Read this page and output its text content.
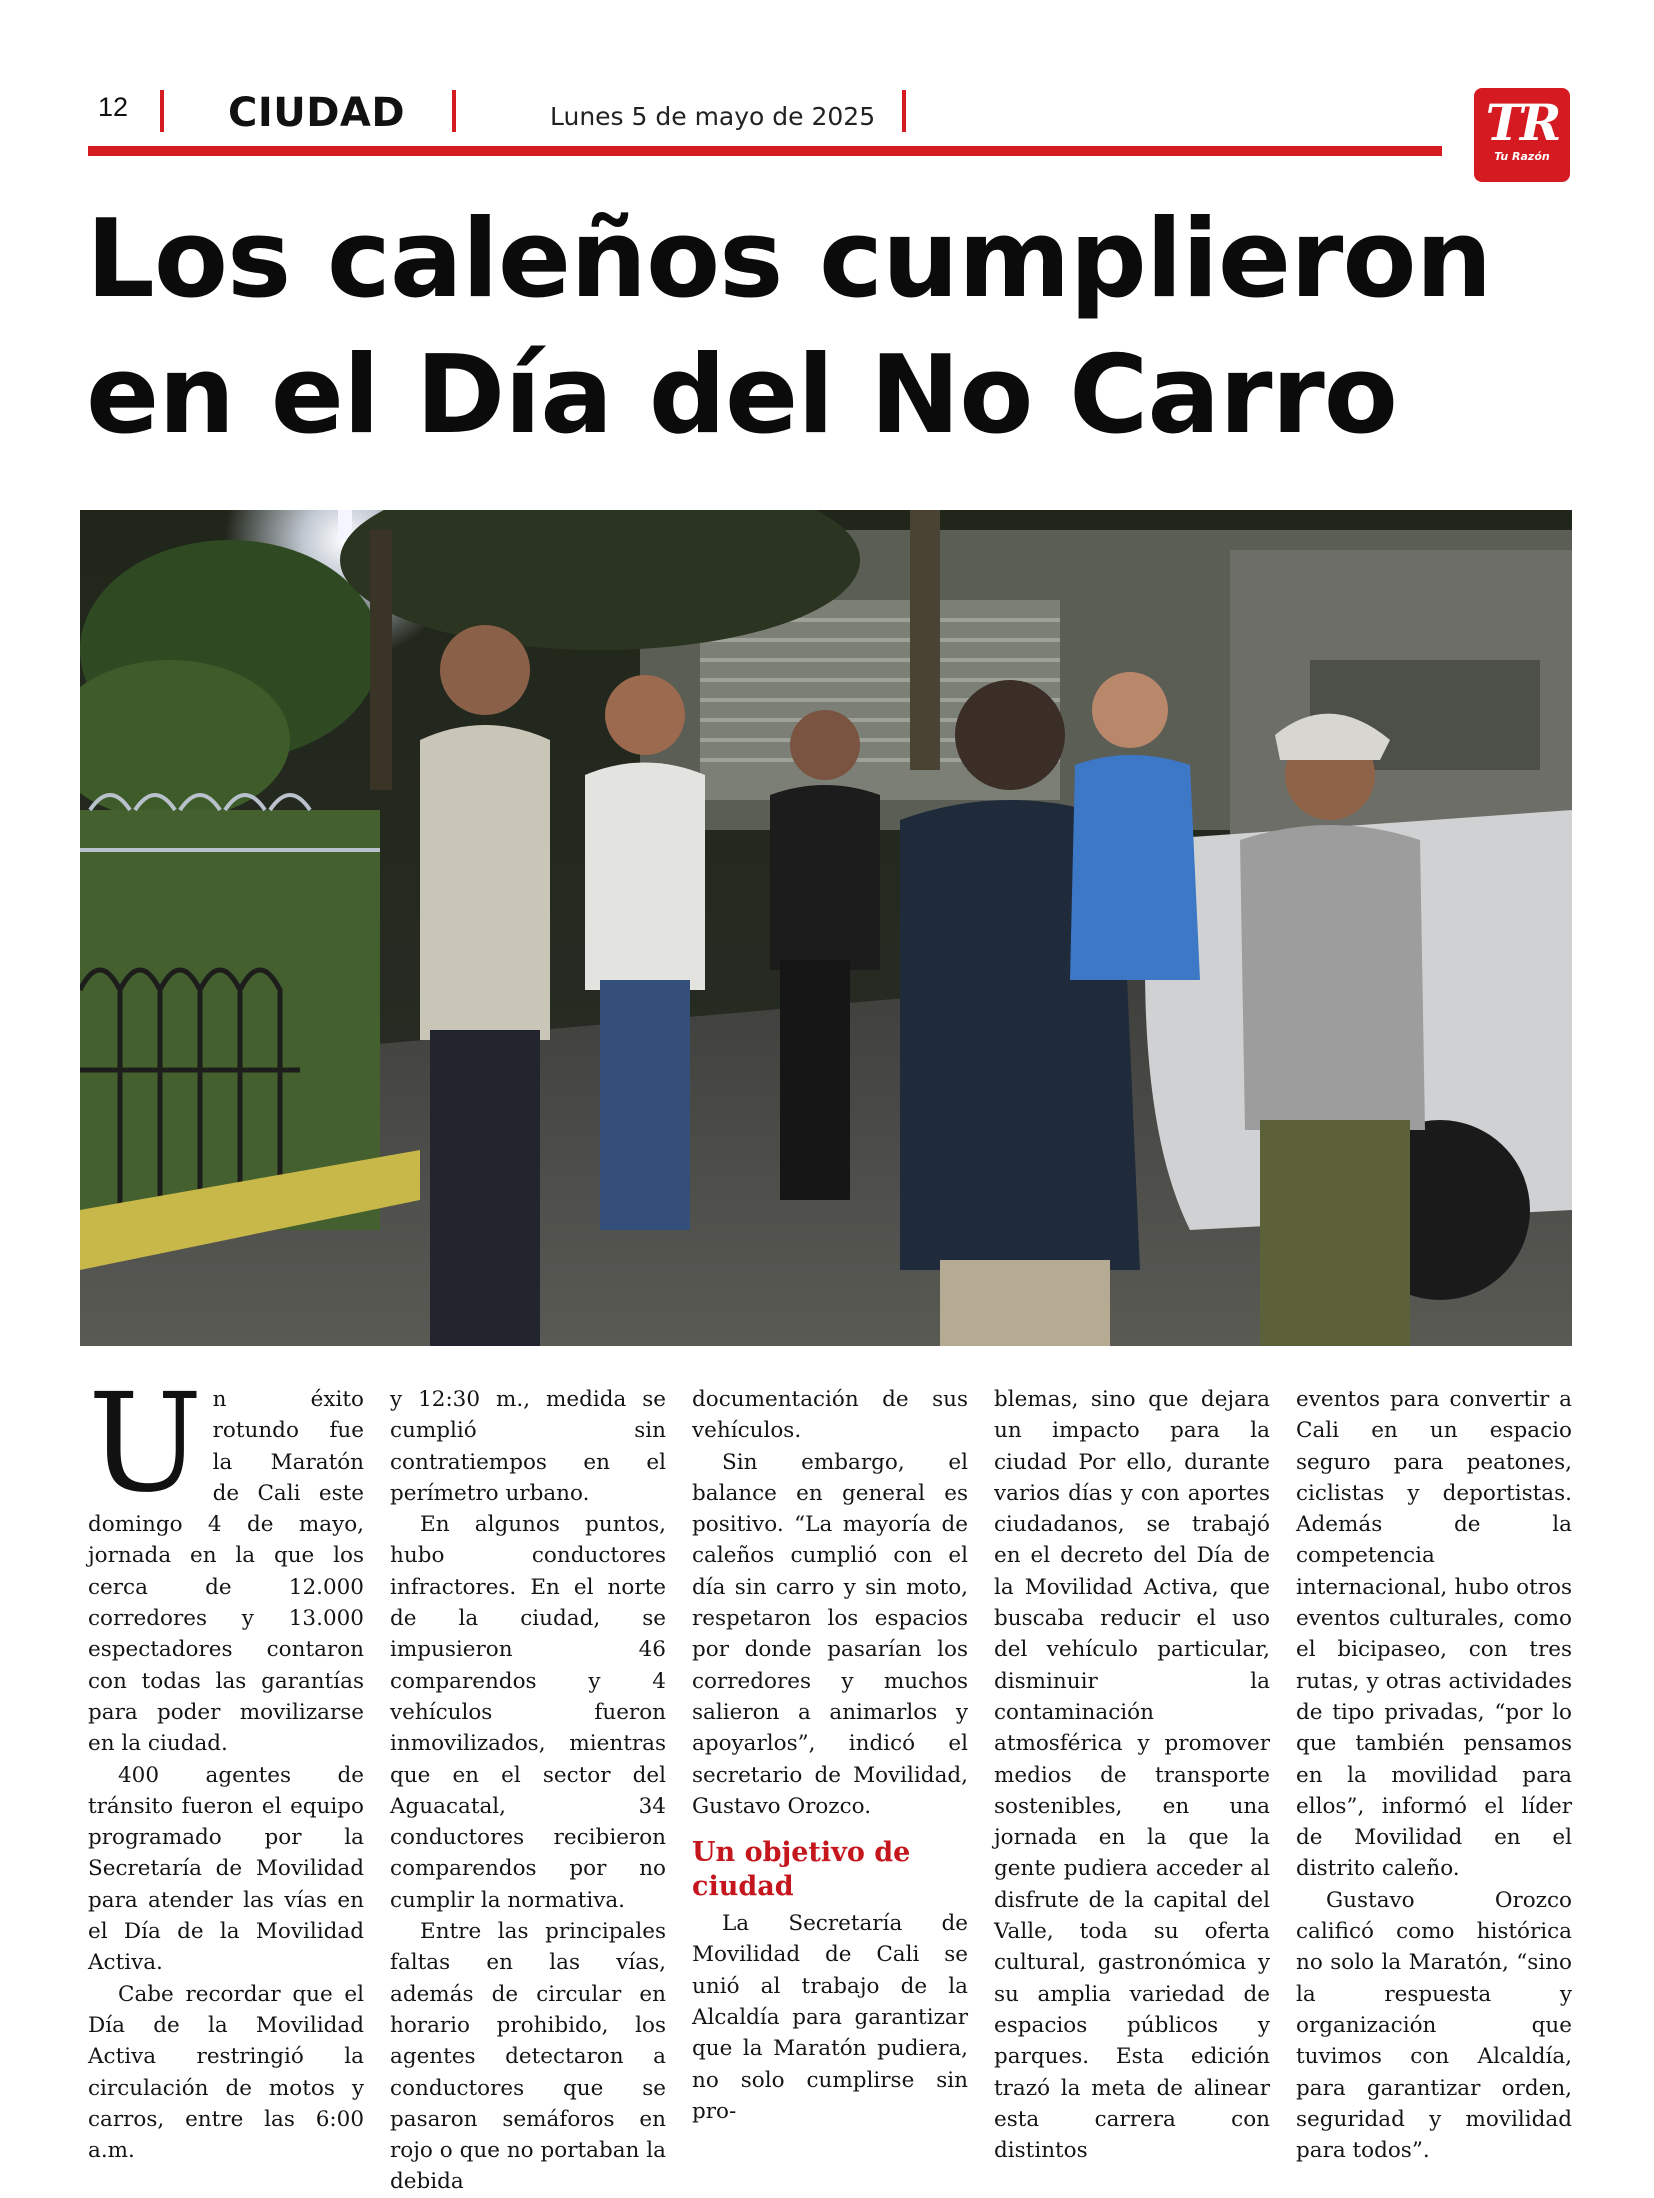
12 CIUDAD	Lunes 5 de mayo de 2025	TR
Tu Razón
Los caleños cumplieron
en el Día del No Carro

Un éxito rotundo fue la Maratón de Cali este domingo 4 de mayo, jornada en la que los cerca de 12.000 corredores y 13.000 espectadores contaron con todas las garantías para poder movilizarse en la ciudad.

400 agentes de tránsito fueron el equipo programado por la Secretaría de Movilidad para atender las vías en el Día de la Movilidad Activa.

Cabe recordar que el Día de la Movilidad Activa restringió la circulación de motos y carros, entre las 6:00 a.m.

y 12:30 m., medida se cumplió sin contratiempos en el perímetro urbano.

En algunos puntos, hubo conductores infractores. En el norte de la ciudad, se impusieron 46 comparendos y 4 vehículos fueron inmovilizados, mientras que en el sector del Aguacatal, 34 conductores recibieron comparendos por no cumplir la normativa.

Entre las principales faltas en las vías, además de circular en horario prohibido, los agentes detectaron a conductores que se pasaron semáforos en rojo o que no portaban la debida

documentación de sus vehículos.

Sin embargo, el balance en general es positivo. “La mayoría de caleños cumplió con el día sin carro y sin moto, respetaron los espacios por donde pasarían los corredores y muchos salieron a animarlos y apoyarlos”, indicó el secretario de Movilidad, Gustavo Orozco.

Un objetivo de ciudad

La Secretaría de Movilidad de Cali se unió al trabajo de la Alcaldía para garantizar que la Maratón pudiera, no solo cumplirse sin pro-

blemas, sino que dejara un impacto para la ciudad Por ello, durante varios días y con aportes ciudadanos, se trabajó en el decreto del Día de la Movilidad Activa, que buscaba reducir el uso del vehículo particular, disminuir la contaminación atmosférica y promover medios de transporte sostenibles, en una jornada en la que la gente pudiera acceder al disfrute de la capital del Valle, toda su oferta cultural, gastronómica y su amplia variedad de espacios públicos y parques. Esta edición trazó la meta de alinear esta carrera con distintos

eventos para convertir a Cali en un espacio seguro para peatones, ciclistas y deportistas. Además de la competencia internacional, hubo otros eventos culturales, como el bicipaseo, con tres rutas, y otras actividades de tipo privadas, “por lo que también pensamos en la movilidad para ellos”, informó el líder de Movilidad en el distrito caleño.

Gustavo Orozco calificó como histórica no solo la Maratón, “sino la respuesta y organización que tuvimos con Alcaldía, para garantizar orden, seguridad y movilidad para todos”.
